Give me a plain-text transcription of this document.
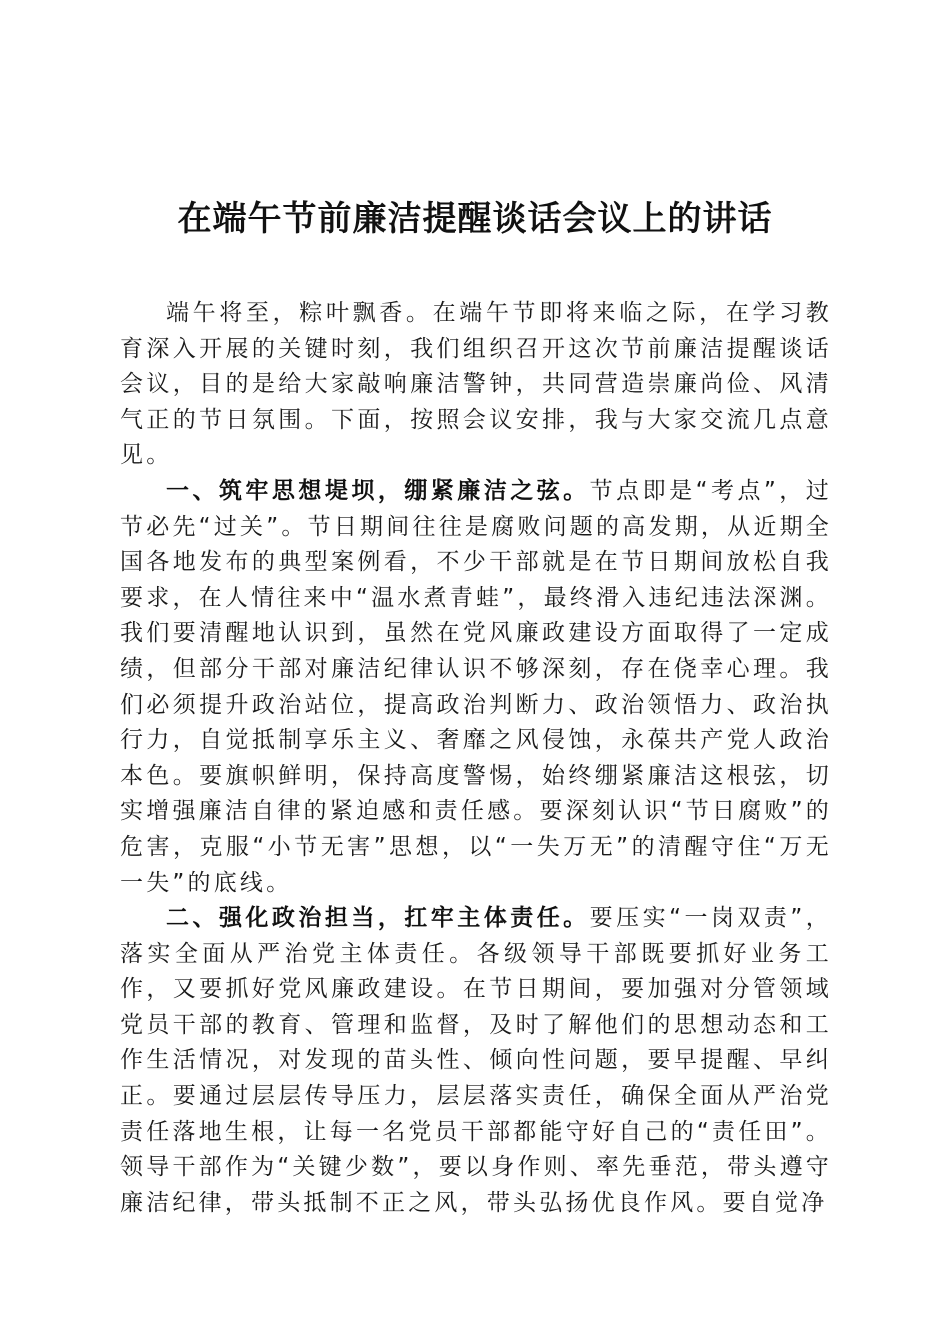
在端午节前廉洁提醒谈话会议上的讲话

端午将至，粽叶飘香。在端午节即将来临之际，在学习教育深入开展的关键时刻，我们组织召开这次节前廉洁提醒谈话会议，目的是给大家敲响廉洁警钟，共同营造崇廉尚俭、风清气正的节日氛围。下面，按照会议安排，我与大家交流几点意见。

一、筑牢思想堤坝，绷紧廉洁之弦。节点即是“考点”，过节必先“过关”。节日期间往往是腐败问题的高发期，从近期全国各地发布的典型案例看，不少干部就是在节日期间放松自我要求，在人情往来中“温水煮青蛙”，最终滑入违纪违法深渊。我们要清醒地认识到，虽然在党风廉政建设方面取得了一定成绩，但部分干部对廉洁纪律认识不够深刻，存在侥幸心理。我们必须提升政治站位，提高政治判断力、政治领悟力、政治执行力，自觉抵制享乐主义、奢靡之风侵蚀，永葆共产党人政治本色。要旗帜鲜明，保持高度警惕，始终绷紧廉洁这根弦，切实增强廉洁自律的紧迫感和责任感。要深刻认识“节日腐败”的危害，克服“小节无害”思想，以“一失万无”的清醒守住“万无一失”的底线。

二、强化政治担当，扛牢主体责任。要压实“一岗双责”，落实全面从严治党主体责任。各级领导干部既要抓好业务工作，又要抓好党风廉政建设。在节日期间，要加强对分管领域党员干部的教育、管理和监督，及时了解他们的思想动态和工作生活情况，对发现的苗头性、倾向性问题，要早提醒、早纠正。要通过层层传导压力，层层落实责任，确保全面从严治党责任落地生根，让每一名党员干部都能守好自己的“责任田”。领导干部作为“关键少数”，要以身作则、率先垂范，带头遵守廉洁纪律，带头抵制不正之风，带头弘扬优良作风。要自觉净
